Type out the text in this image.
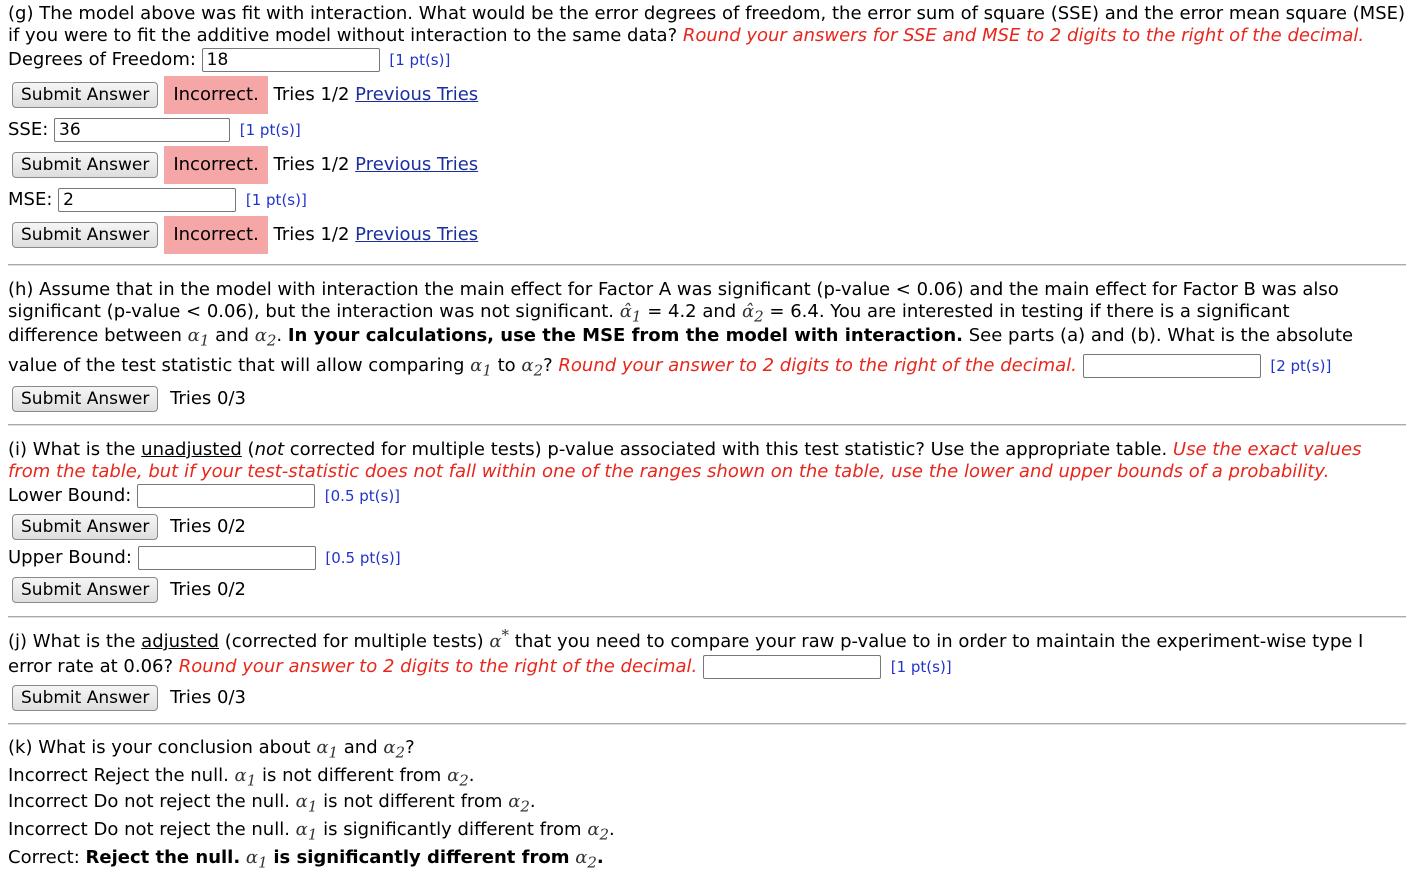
(g) The model above was fit with interaction. What would be the error degrees of freedom, the error sum of square (SSE) and the error mean square (MSE) if you were to fit the additive model without interaction to the same data? Round your answers for SSE and MSE to 2 digits to the right of the decimal.
Degrees of Freedom: 18	[1 pt(s)]
Submit Answer Incorrect. Tries 1/2 Previous Tries
SSE: 36	[1 pt(s)]
Submit Answer Incorrect. Tries 1/2 Previous Tries
MSE: 2	[1 pt(s)]
Submit Answer Incorrect. Tries 1/2 Previous Tries
(h) Assume that in the model with interaction the main effect for Factor A was significant (p-value < 0.06) and the main effect for Factor B was also
significant (p-value < 0.06), but the interaction was not significant. $\alphâ_1 = 4.2$ and $\alphâ_2 = 6.4$. You are interested in testing if there is a significant
difference between $\alpha_1$ and $\alpha_2$. In your calculations, use the MSE from the model with interaction. See parts (a) and (b). What is the absolute
value of the test statistic that will allow comparing $\alpha_1$ to $\alpha_2$? Round your answer to 2 digits to the right of the decimal.	[2 pt(s)]
Submit Answer Tries 0/3
(i) What is the unadjusted (not corrected for multiple tests) p-value associated with this test statistic? Use the appropriate table. Use the exact values from the table, but if your test-statistic does not fall within one of the ranges shown on the table, use the lower and upper bounds of a probability.
Lower Bound:	[0.5 pt(s)]
Submit Answer Tries 0/2
Upper Bound:	[0.5 pt(s)]
Submit Answer Tries 0/2
(j) What is the adjusted (corrected for multiple tests) α* that you need to compare your raw p-value to in order to maintain the experiment-wise type I
error rate at 0.06? Round your answer to 2 digits to the right of the decimal.	[1 pt(s)]
Submit Answer Tries 0/3
(k) What is your conclusion about $\alpha_1$ and $\alpha_2$?
Incorrect Reject the null. $\alpha_1$ is not different from $\alpha_2$.
Incorrect Do not reject the null. $\alpha_1$ is not different from $\alpha_2$.
Incorrect Do not reject the null. $\alpha_1$ is significantly different from $\alpha_2$.
Correct: Reject the null. $\alpha_1$ is significantly different from $\alpha_2$.
